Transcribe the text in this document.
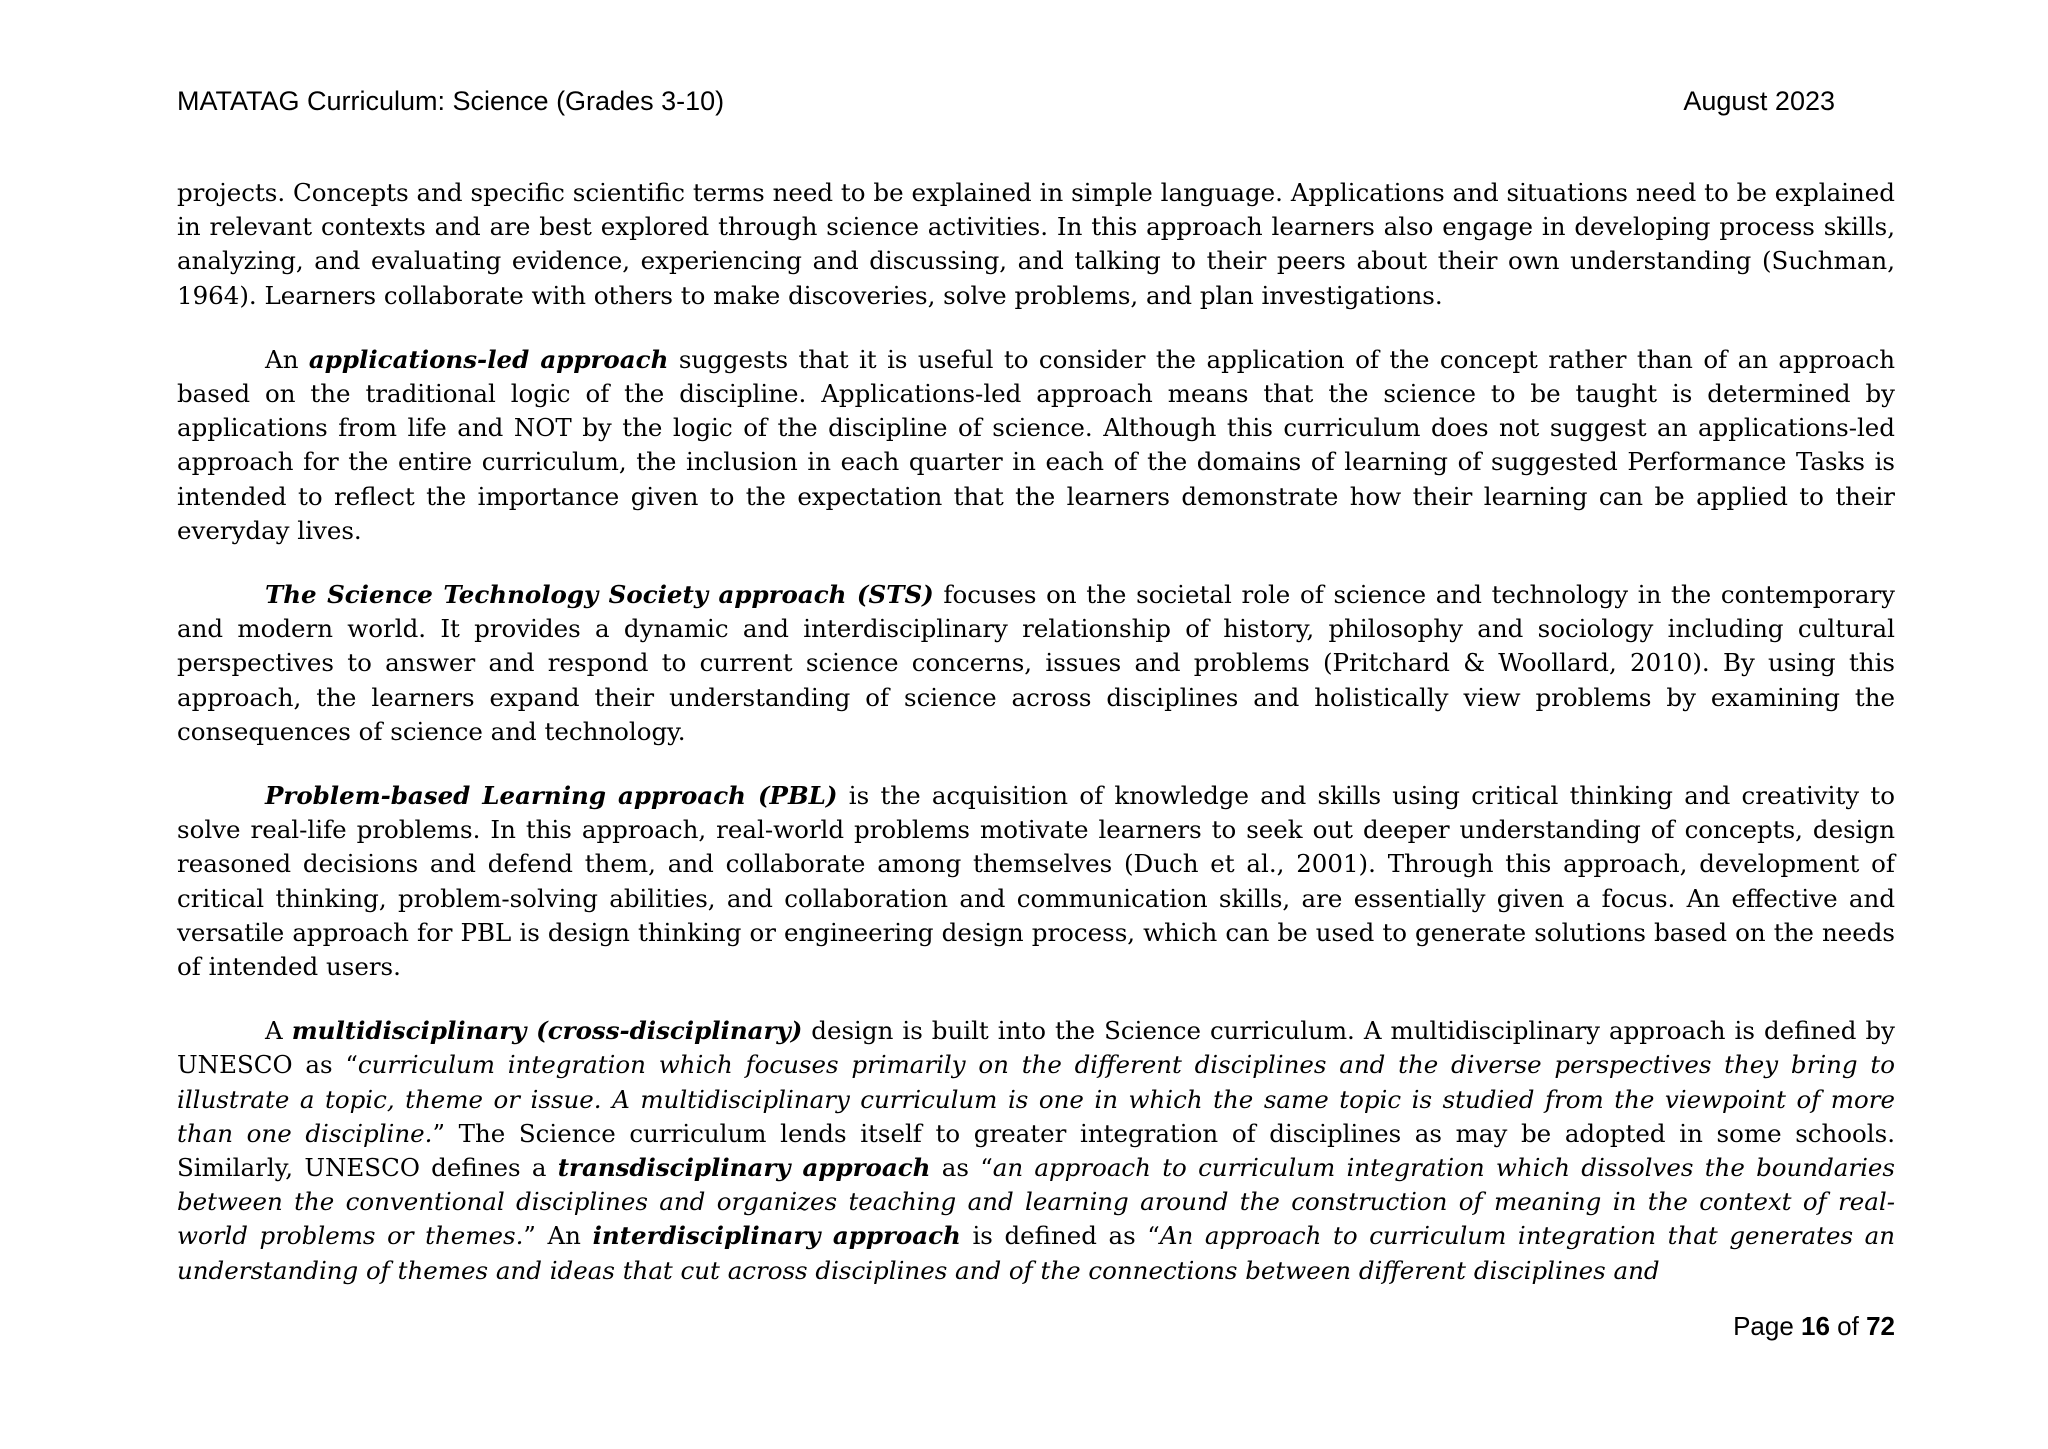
MATATAG Curriculum: Science (Grades 3-10)	August 2023

projects. Concepts and specific scientific terms need to be explained in simple language. Applications and situations need to be explained in relevant contexts and are best explored through science activities. In this approach learners also engage in developing process skills, analyzing, and evaluating evidence, experiencing and discussing, and talking to their peers about their own understanding (Suchman, 1964). Learners collaborate with others to make discoveries, solve problems, and plan investigations.

An applications-led approach suggests that it is useful to consider the application of the concept rather than of an approach based on the traditional logic of the discipline. Applications-led approach means that the science to be taught is determined by applications from life and NOT by the logic of the discipline of science. Although this curriculum does not suggest an applications-led approach for the entire curriculum, the inclusion in each quarter in each of the domains of learning of suggested Performance Tasks is intended to reflect the importance given to the expectation that the learners demonstrate how their learning can be applied to their everyday lives.

The Science Technology Society approach (STS) focuses on the societal role of science and technology in the contemporary and modern world. It provides a dynamic and interdisciplinary relationship of history, philosophy and sociology including cultural perspectives to answer and respond to current science concerns, issues and problems (Pritchard & Woollard, 2010). By using this approach, the learners expand their understanding of science across disciplines and holistically view problems by examining the consequences of science and technology.

Problem-based Learning approach (PBL) is the acquisition of knowledge and skills using critical thinking and creativity to solve real-life problems. In this approach, real-world problems motivate learners to seek out deeper understanding of concepts, design reasoned decisions and defend them, and collaborate among themselves (Duch et al., 2001). Through this approach, development of critical thinking, problem-solving abilities, and collaboration and communication skills, are essentially given a focus. An effective and versatile approach for PBL is design thinking or engineering design process, which can be used to generate solutions based on the needs of intended users.

A multidisciplinary (cross-disciplinary) design is built into the Science curriculum. A multidisciplinary approach is defined by UNESCO as “curriculum integration which focuses primarily on the different disciplines and the diverse perspectives they bring to illustrate a topic, theme or issue. A multidisciplinary curriculum is one in which the same topic is studied from the viewpoint of more than one discipline.” The Science curriculum lends itself to greater integration of disciplines as may be adopted in some schools. Similarly, UNESCO defines a transdisciplinary approach as “an approach to curriculum integration which dissolves the boundaries between the conventional disciplines and organizes teaching and learning around the construction of meaning in the context of real-world problems or themes.” An interdisciplinary approach is defined as “An approach to curriculum integration that generates an understanding of themes and ideas that cut across disciplines and of the connections between different disciplines and

Page 16 of 72
